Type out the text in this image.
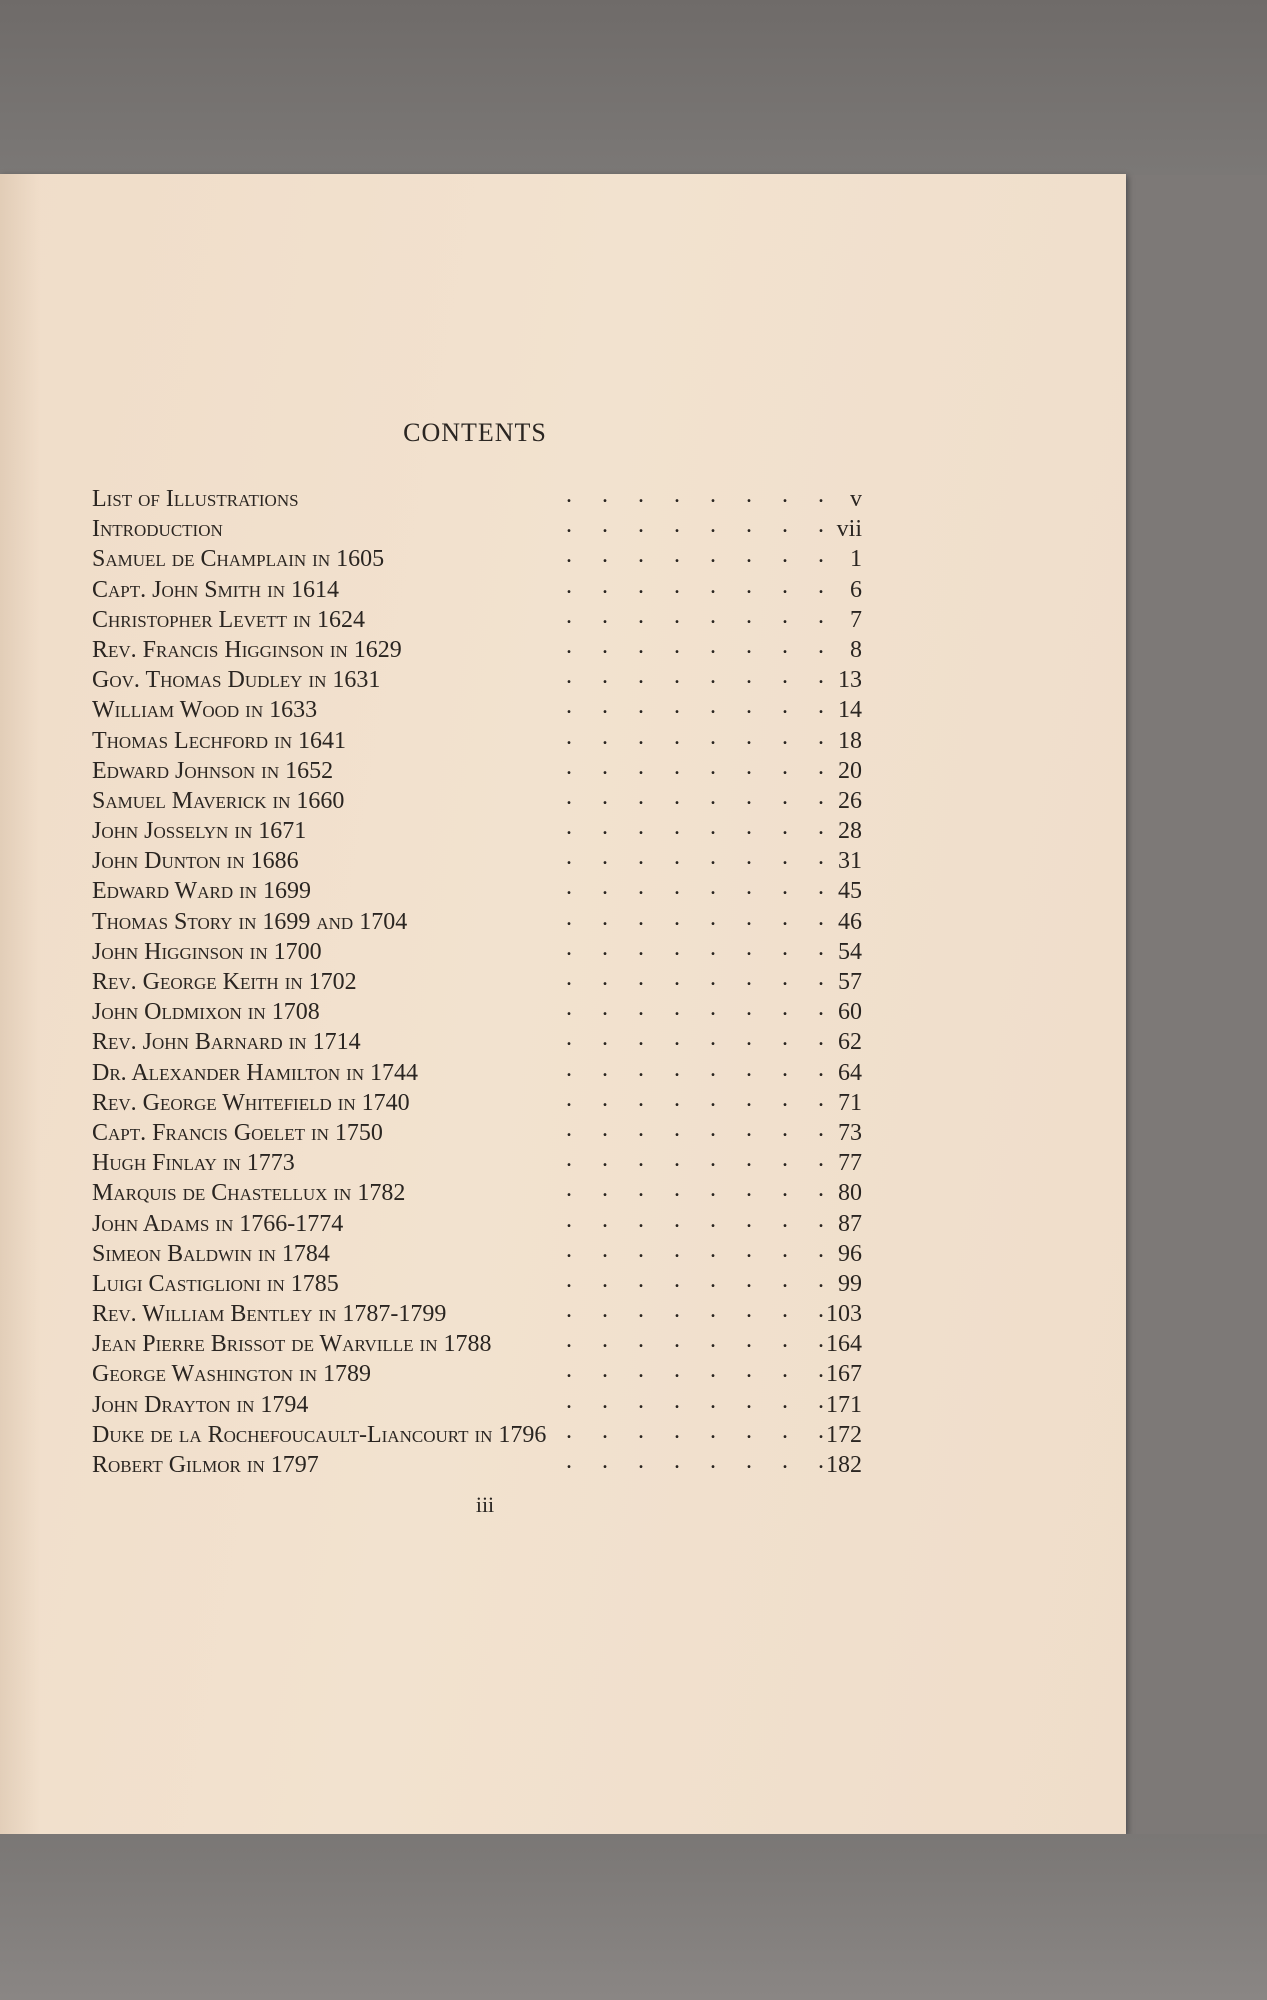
CONTENTS
List of Illustrations	.     .     .     .     .     .     .     .	v
Introduction	.     .     .     .     .     .     .     . vii
Samuel de Champlain in 1605	.     .     .     .     .     .     .     .	1
Capt. John Smith in 1614	.     .     .     .     .     .     .     .	6
Christopher Levett in 1624	.     .     .     .     .     .     .     .	7
Rev. Francis Higginson in 1629	.     .     .     .     .     .     .     .	8
Gov. Thomas Dudley in 1631	.     .     .     .     .     .     .     . 13
William Wood in 1633	.     .     .     .     .     .     .     . 14
Thomas Lechford in 1641	.     .     .     .     .     .     .     . 18
Edward Johnson in 1652	.     .     .     .     .     .     .     . 20
Samuel Maverick in 1660	.     .     .     .     .     .     .     . 26
John Josselyn in 1671	.     .     .     .     .     .     .     . 28
John Dunton in 1686	.     .     .     .     .     .     .     . 31
Edward Ward in 1699	.     .     .     .     .     .     .     . 45
Thomas Story in 1699 and 1704	.     .     .     .     .     .     .     . 46
John Higginson in 1700	.     .     .     .     .     .     .     . 54
Rev. George Keith in 1702	.     .     .     .     .     .     .     . 57
John Oldmixon in 1708	.     .     .     .     .     .     .     . 60
Rev. John Barnard in 1714	.     .     .     .     .     .     .     . 62
Dr. Alexander Hamilton in 1744	.     .     .     .     .     .     .     . 64
Rev. George Whitefield in 1740	.     .     .     .     .     .     .     . 71
Capt. Francis Goelet in 1750	.     .     .     .     .     .     .     . 73
Hugh Finlay in 1773	.     .     .     .     .     .     .     . 77
Marquis de Chastellux in 1782	.     .     .     .     .     .     .     . 80
John Adams in 1766-1774	.     .     .     .     .     .     .     . 87
Simeon Baldwin in 1784	.     .     .     .     .     .     .     . 96
Luigi Castiglioni in 1785	.     .     .     .     .     .     .     . 99
Rev. William Bentley in 1787-1799	.     .     .     .     .     .     .     . 103
Jean Pierre Brissot de Warville in 1788	.     .     .     .     .     .     .     . 164
George Washington in 1789	.     .     .     .     .     .     .     . 167
John Drayton in 1794	.     .     .     .     .     .     .     . 171
Duke de la Rochefoucault-Liancourt in 1796 .     .     .     .     .     .     .     . 172
Robert Gilmor in 1797	.     .     .     .     .     .     .     . 182
iii
